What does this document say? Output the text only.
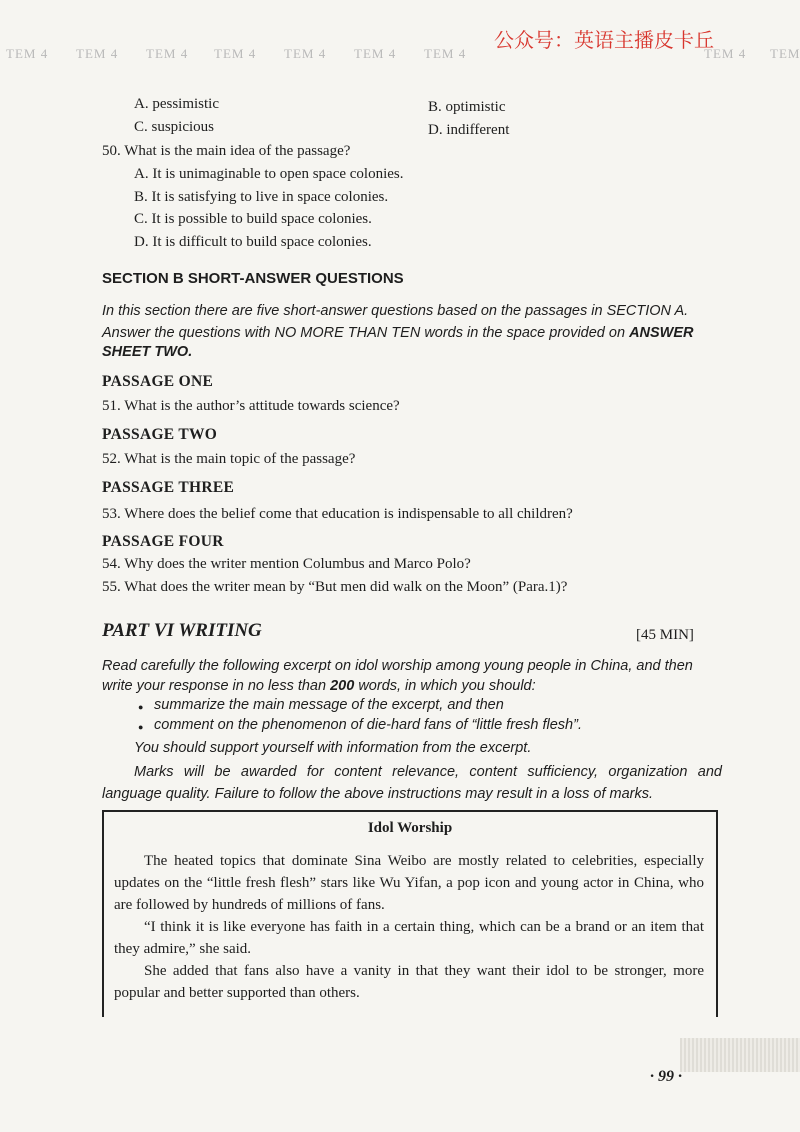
TEM 4 TEM 4 TEM 4 TEM 4 TEM 4 TEM 4 TEM 4	TEM 4 TEM
公众号：英语主播皮卡丘
A. pessimistic	B. optimistic
C. suspicious	D. indifferent
50. What is the main idea of the passage?
A. It is unimaginable to open space colonies.
B. It is satisfying to live in space colonies.
C. It is possible to build space colonies.
D. It is difficult to build space colonies.
SECTION B SHORT-ANSWER QUESTIONS
In this section there are five short-answer questions based on the passages in SECTION A.
Answer the questions with NO MORE THAN TEN words in the space provided on ANSWER
SHEET TWO.
PASSAGE ONE
51. What is the author’s attitude towards science?
PASSAGE TWO
52. What is the main topic of the passage?
PASSAGE THREE
53. Where does the belief come that education is indispensable to all children?
PASSAGE FOUR
54. Why does the writer mention Columbus and Marco Polo?
55. What does the writer mean by “But men did walk on the Moon” (Para.1)?
PART VI WRITING	[45 MIN]
Read carefully the following excerpt on idol worship among young people in China, and then
write your response in no less than 200 words, in which you should:
● summarize the main message of the excerpt, and then
● comment on the phenomenon of die-hard fans of “little fresh flesh”.
You should support yourself with information from the excerpt.
Marks will be awarded for content relevance, content sufficiency, organization and
language quality. Failure to follow the above instructions may result in a loss of marks.
Idol Worship
The heated topics that dominate Sina Weibo are mostly related to celebrities, especially updates on the “little fresh flesh” stars like Wu Yifan, a pop icon and young actor in China, who are followed by hundreds of millions of fans.
“I think it is like everyone has faith in a certain thing, which can be a brand or an item that they admire,” she said.
She added that fans also have a vanity in that they want their idol to be stronger, more popular and better supported than others.
· 99 ·
